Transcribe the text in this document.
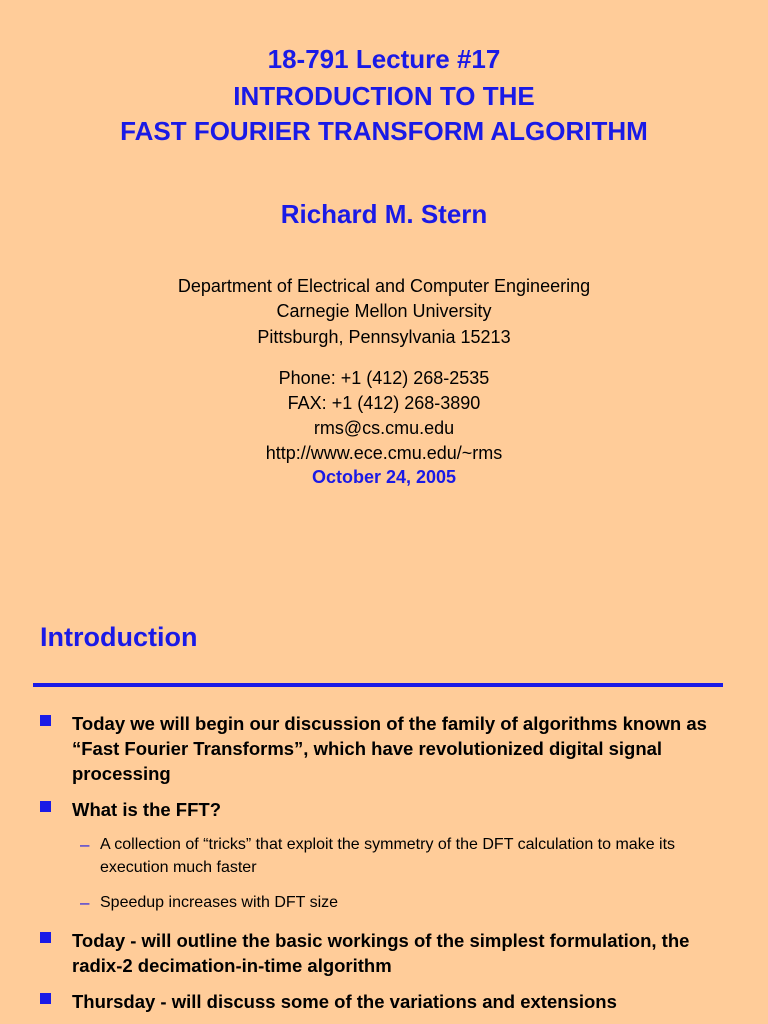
18-791 Lecture #17
INTRODUCTION TO THE
FAST FOURIER TRANSFORM ALGORITHM
Richard M. Stern
Department of Electrical and Computer Engineering
Carnegie Mellon University
Pittsburgh, Pennsylvania 15213
Phone: +1 (412) 268-2535
FAX: +1 (412) 268-3890
rms@cs.cmu.edu
http://www.ece.cmu.edu/~rms
October 24, 2005
Introduction
Today we will begin our discussion of the family of algorithms known as “Fast Fourier Transforms”, which have revolutionized digital signal processing
What is the FFT?
– A collection of “tricks” that exploit the symmetry of the DFT calculation to make its execution much faster
– Speedup increases with DFT size
Today - will outline the basic workings of the simplest formulation, the radix-2 decimation-in-time algorithm
Thursday - will discuss some of the variations and extensions
